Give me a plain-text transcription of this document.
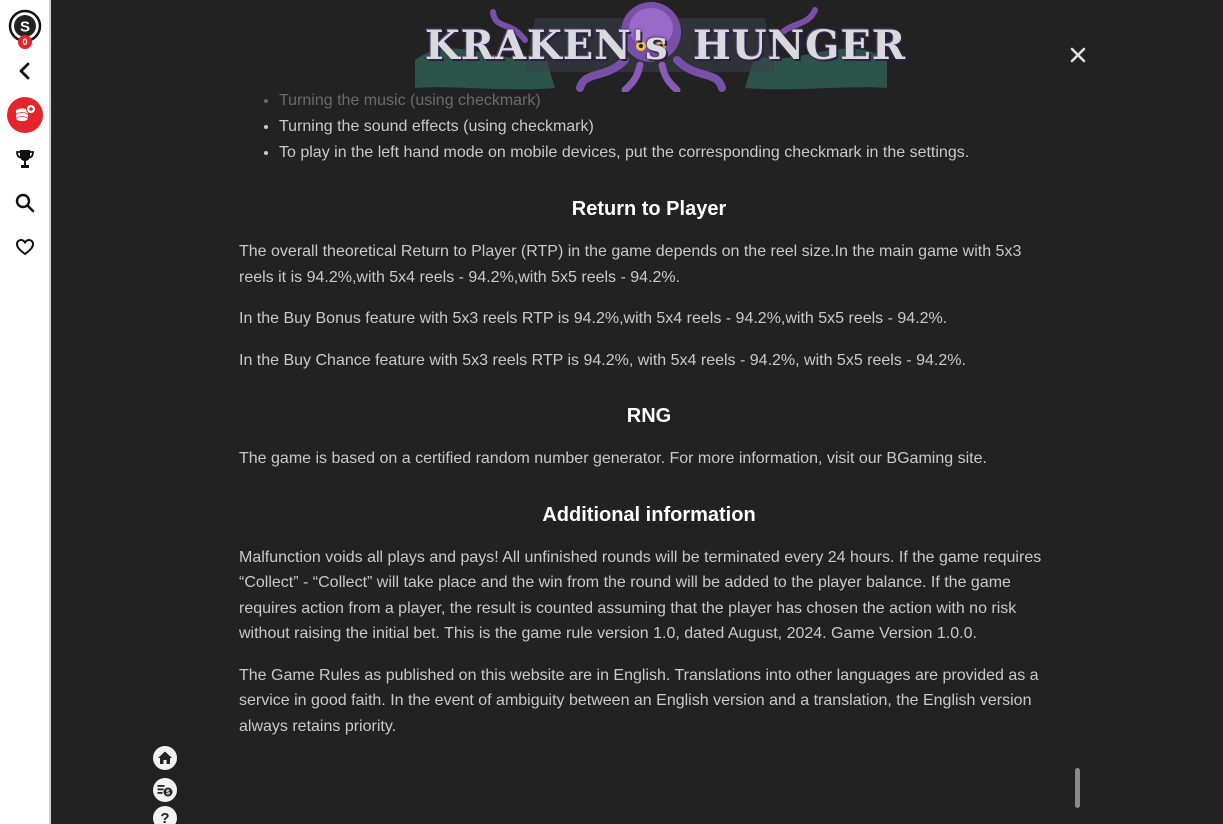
S
0	KRAKEN's HUNGER
• Turning the music (using checkmark)
• Turning the sound effects (using checkmark)
• To play in the left hand mode on mobile devices, put the corresponding checkmark in the settings.
Return to Player

The overall theoretical Return to Player (RTP) in the game depends on the reel size.In the main game with 5x3 reels it is 94.2%,with 5x4 reels - 94.2%,with 5x5 reels - 94.2%.

In the Buy Bonus feature with 5x3 reels RTP is 94.2%,with 5x4 reels - 94.2%,with 5x5 reels - 94.2%.

In the Buy Chance feature with 5x3 reels RTP is 94.2%, with 5x4 reels - 94.2%, with 5x5 reels - 94.2%.

RNG

The game is based on a certified random number generator. For more information, visit our BGaming site.

Additional information

Malfunction voids all plays and pays! All unfinished rounds will be terminated every 24 hours. If the game requires “Collect” - “Collect” will take place and the win from the round will be added to the player balance. If the game requires action from a player, the result is counted assuming that the player has chosen the action with no risk without raising the initial bet. This is the game rule version 1.0, dated August, 2024. Game Version 1.0.0.

The Game Rules as published on this website are in English. Translations into other languages are provided as a service in good faith. In the event of ambiguity between an English version and a translation, the English version always retains priority.

$
?
